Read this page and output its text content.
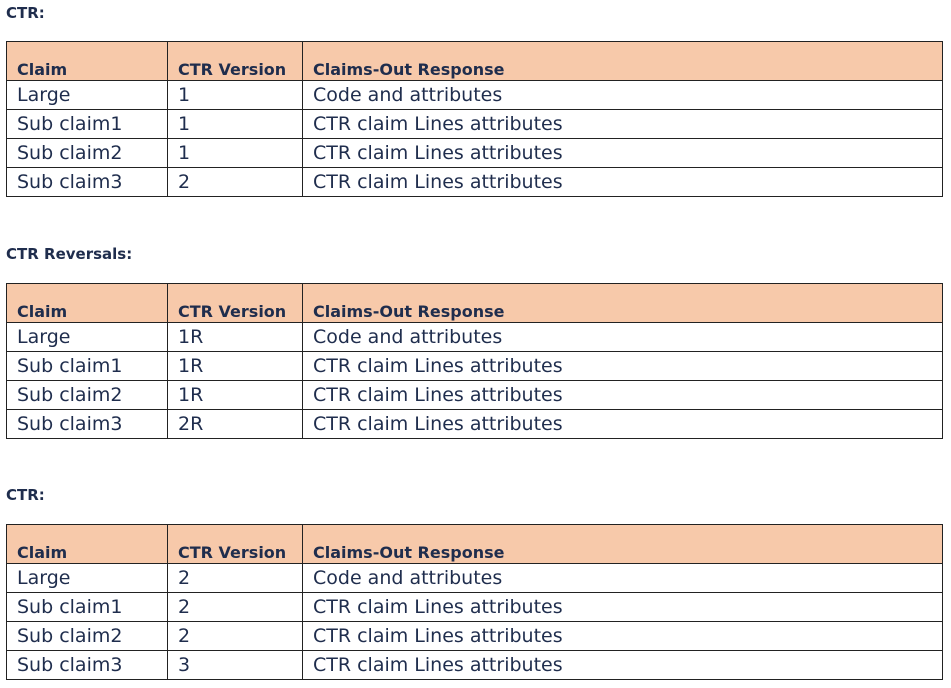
CTR:
Claim	CTR Version	Claims-Out Response
Large	1	Code and attributes
Sub claim1	1	CTR claim Lines attributes
Sub claim2	1	CTR claim Lines attributes
Sub claim3	2	CTR claim Lines attributes
CTR Reversals:
Claim	CTR Version	Claims-Out Response
Large	1R	Code and attributes
Sub claim1	1R	CTR claim Lines attributes
Sub claim2	1R	CTR claim Lines attributes
Sub claim3	2R	CTR claim Lines attributes
CTR:
Claim	CTR Version	Claims-Out Response
Large	2	Code and attributes
Sub claim1	2	CTR claim Lines attributes
Sub claim2	2	CTR claim Lines attributes
Sub claim3	3	CTR claim Lines attributes
